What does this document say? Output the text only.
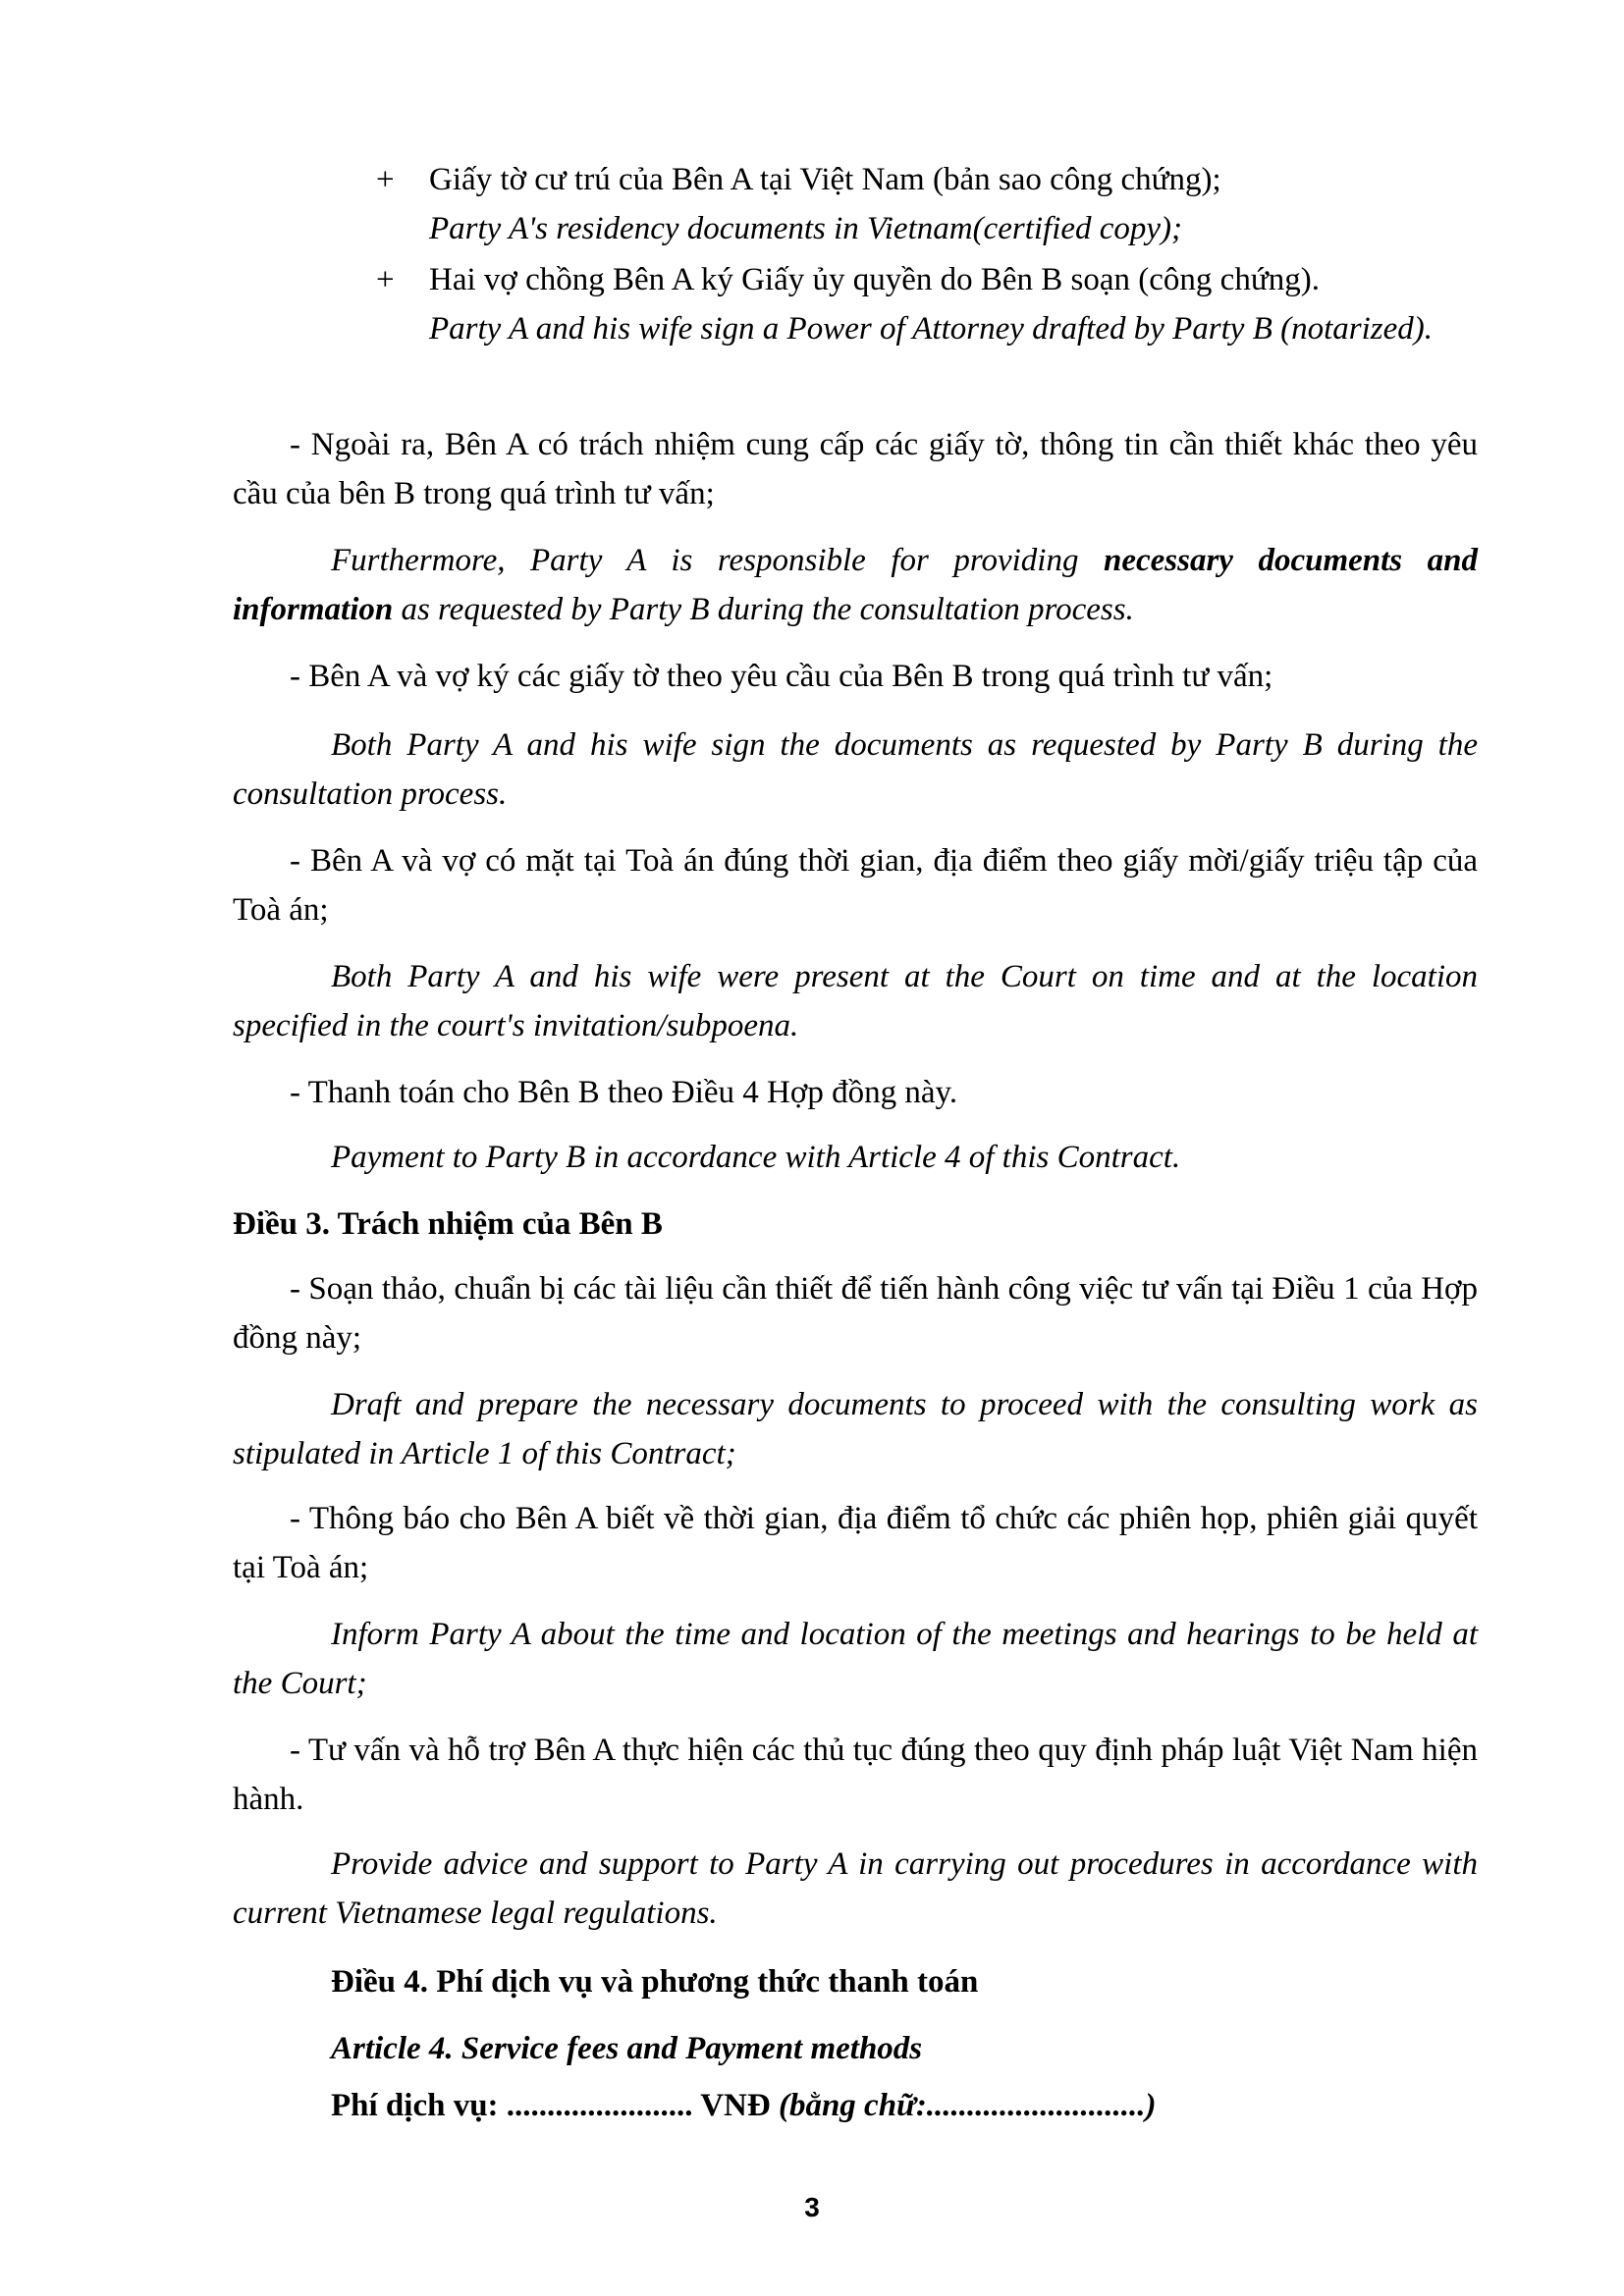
+ Giấy tờ cư trú của Bên A tại Việt Nam (bản sao công chứng);

Party A's residency documents in Vietnam(certified copy);

+ Hai vợ chồng Bên A ký Giấy ủy quyền do Bên B soạn (công chứng).

Party A and his wife sign a Power of Attorney drafted by Party B (notarized).

- Ngoài ra, Bên A có trách nhiệm cung cấp các giấy tờ, thông tin cần thiết khác theo yêu cầu của bên B trong quá trình tư vấn;

Furthermore, Party A is responsible for providing necessary documents and information as requested by Party B during the consultation process.

- Bên A và vợ ký các giấy tờ theo yêu cầu của Bên B trong quá trình tư vấn;

Both Party A and his wife sign the documents as requested by Party B during the consultation process.

- Bên A và vợ có mặt tại Toà án đúng thời gian, địa điểm theo giấy mời/giấy triệu tập của Toà án;

Both Party A and his wife were present at the Court on time and at the location specified in the court's invitation/subpoena.

- Thanh toán cho Bên B theo Điều 4 Hợp đồng này.

Payment to Party B in accordance with Article 4 of this Contract.

Điều 3. Trách nhiệm của Bên B

- Soạn thảo, chuẩn bị các tài liệu cần thiết để tiến hành công việc tư vấn tại Điều 1 của Hợp đồng này;

Draft and prepare the necessary documents to proceed with the consulting work as stipulated in Article 1 of this Contract;

- Thông báo cho Bên A biết về thời gian, địa điểm tổ chức các phiên họp, phiên giải quyết tại Toà án;

Inform Party A about the time and location of the meetings and hearings to be held at the Court;

- Tư vấn và hỗ trợ Bên A thực hiện các thủ tục đúng theo quy định pháp luật Việt Nam hiện hành.

Provide advice and support to Party A in carrying out procedures in accordance with current Vietnamese legal regulations.

Điều 4. Phí dịch vụ và phương thức thanh toán

Article 4. Service fees and Payment methods

Phí dịch vụ: ....................... VNĐ (bằng chữ:...........................)

3
